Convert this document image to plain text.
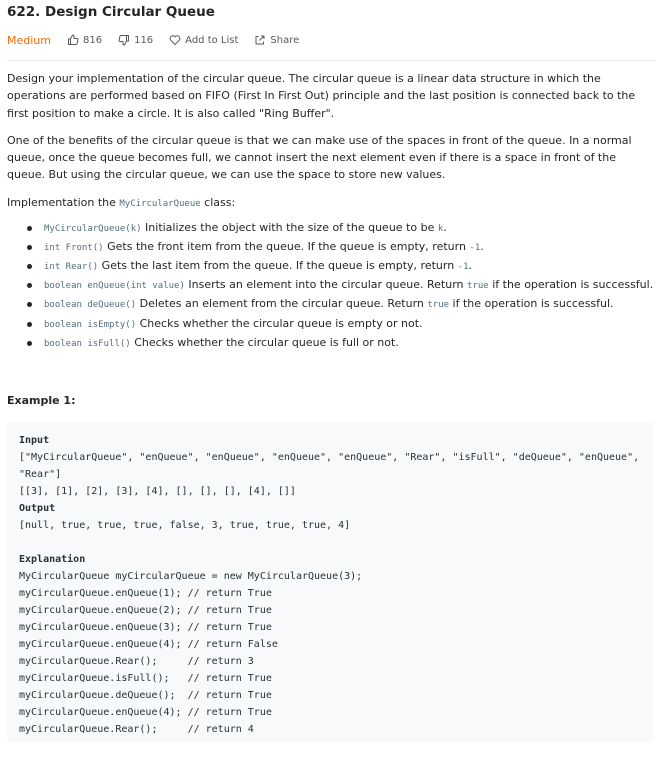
622. Design Circular Queue
Medium	816	116	Add to List	Share

Design your implementation of the circular queue. The circular queue is a linear data structure in which the operations are performed based on FIFO (First In First Out) principle and the last position is connected back to the first position to make a circle. It is also called "Ring Buffer".

One of the benefits of the circular queue is that we can make use of the spaces in front of the queue. In a normal queue, once the queue becomes full, we cannot insert the next element even if there is a space in front of the queue. But using the circular queue, we can use the space to store new values.

Implementation the MyCircularQueue class:

MyCircularQueue(k) Initializes the object with the size of the queue to be k.
int Front() Gets the front item from the queue. If the queue is empty, return -1.
int Rear() Gets the last item from the queue. If the queue is empty, return -1.
boolean enQueue(int value) Inserts an element into the circular queue. Return true if the operation is successful.
boolean deQueue() Deletes an element from the circular queue. Return true if the operation is successful.
boolean isEmpty() Checks whether the circular queue is empty or not.
boolean isFull() Checks whether the circular queue is full or not.
Example 1:
Input
["MyCircularQueue", "enQueue", "enQueue", "enQueue", "enQueue", "Rear", "isFull", "deQueue", "enQueue",
"Rear"]
[[3], [1], [2], [3], [4], [], [], [], [4], []]
Output
[null, true, true, true, false, 3, true, true, true, 4]

Explanation
MyCircularQueue myCircularQueue = new MyCircularQueue(3);
myCircularQueue.enQueue(1); // return True
myCircularQueue.enQueue(2); // return True
myCircularQueue.enQueue(3); // return True
myCircularQueue.enQueue(4); // return False
myCircularQueue.Rear();     // return 3
myCircularQueue.isFull();   // return True
myCircularQueue.deQueue();  // return True
myCircularQueue.enQueue(4); // return True
myCircularQueue.Rear();     // return 4
